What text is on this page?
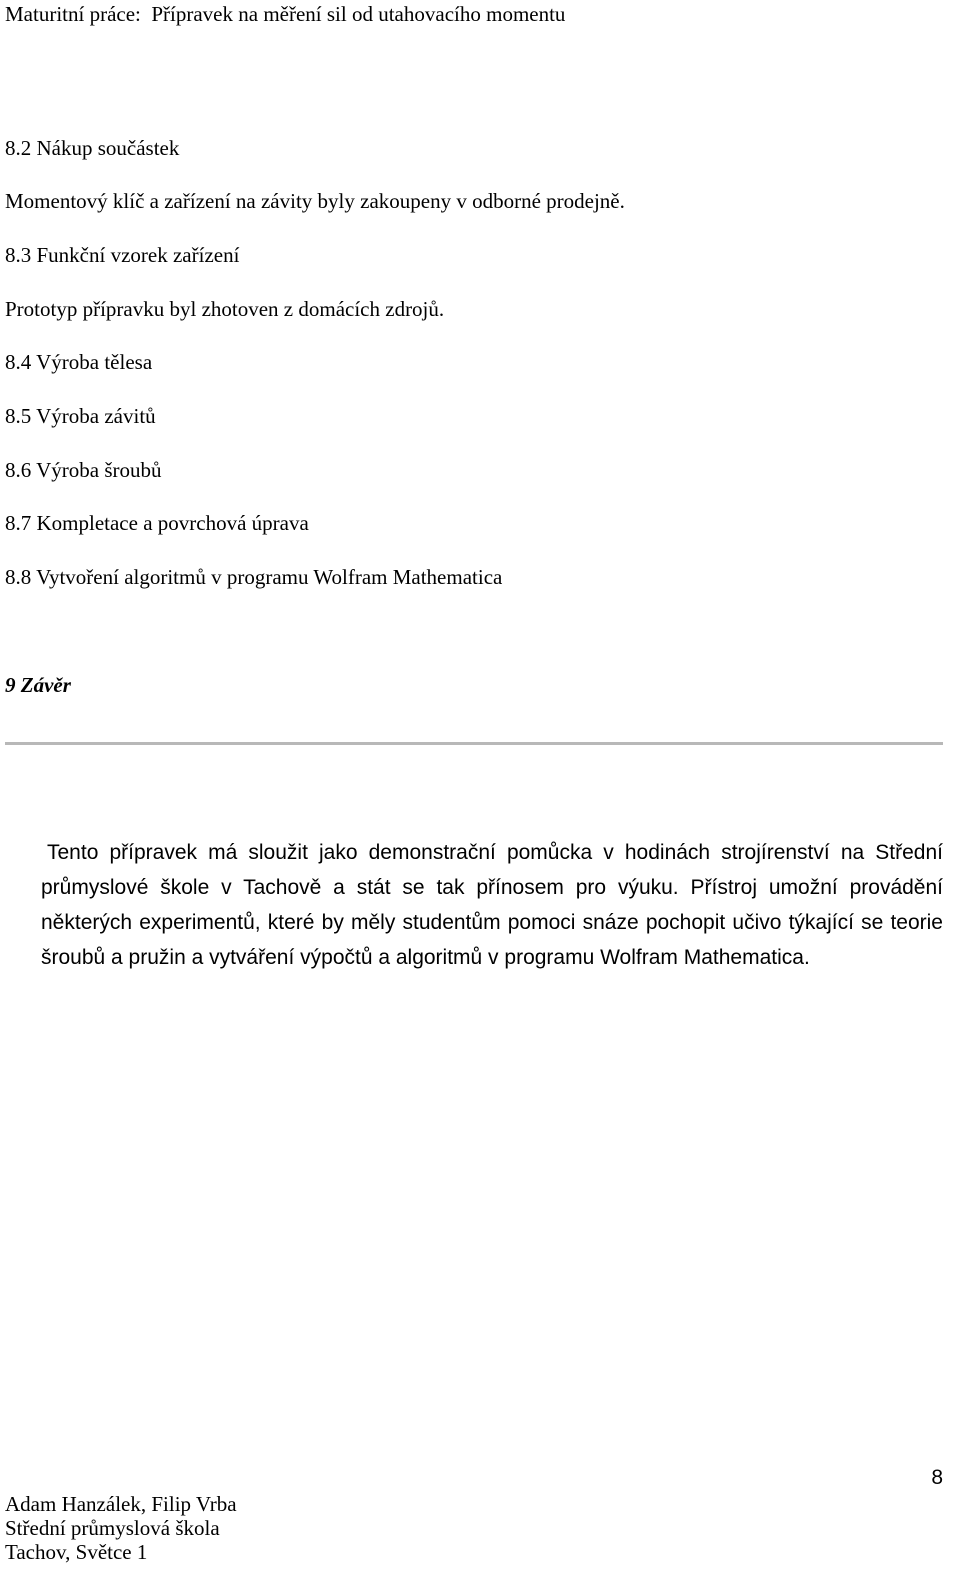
Maturitní práce:  Přípravek na měření sil od utahovacího momentu
8.2 Nákup součástek
Momentový klíč a zařízení na závity byly zakoupeny v odborné prodejně.
8.3 Funkční vzorek zařízení
Prototyp přípravku byl zhotoven z domácích zdrojů.
8.4 Výroba tělesa
8.5 Výroba závitů
8.6 Výroba šroubů
8.7 Kompletace a povrchová úprava
8.8 Vytvoření algoritmů v programu Wolfram Mathematica
9 Závěr
Tento přípravek má sloužit jako demonstrační pomůcka v hodinách strojírenství na Střední průmyslové škole v Tachově a stát se tak přínosem pro výuku. Přístroj umožní provádění některých experimentů, které by měly studentům pomoci snáze pochopit učivo týkající se teorie šroubů a pružin a vytváření výpočtů a algoritmů v programu Wolfram Mathematica.
8
Adam Hanzálek, Filip Vrba
Střední průmyslová škola
Tachov, Světce 1
